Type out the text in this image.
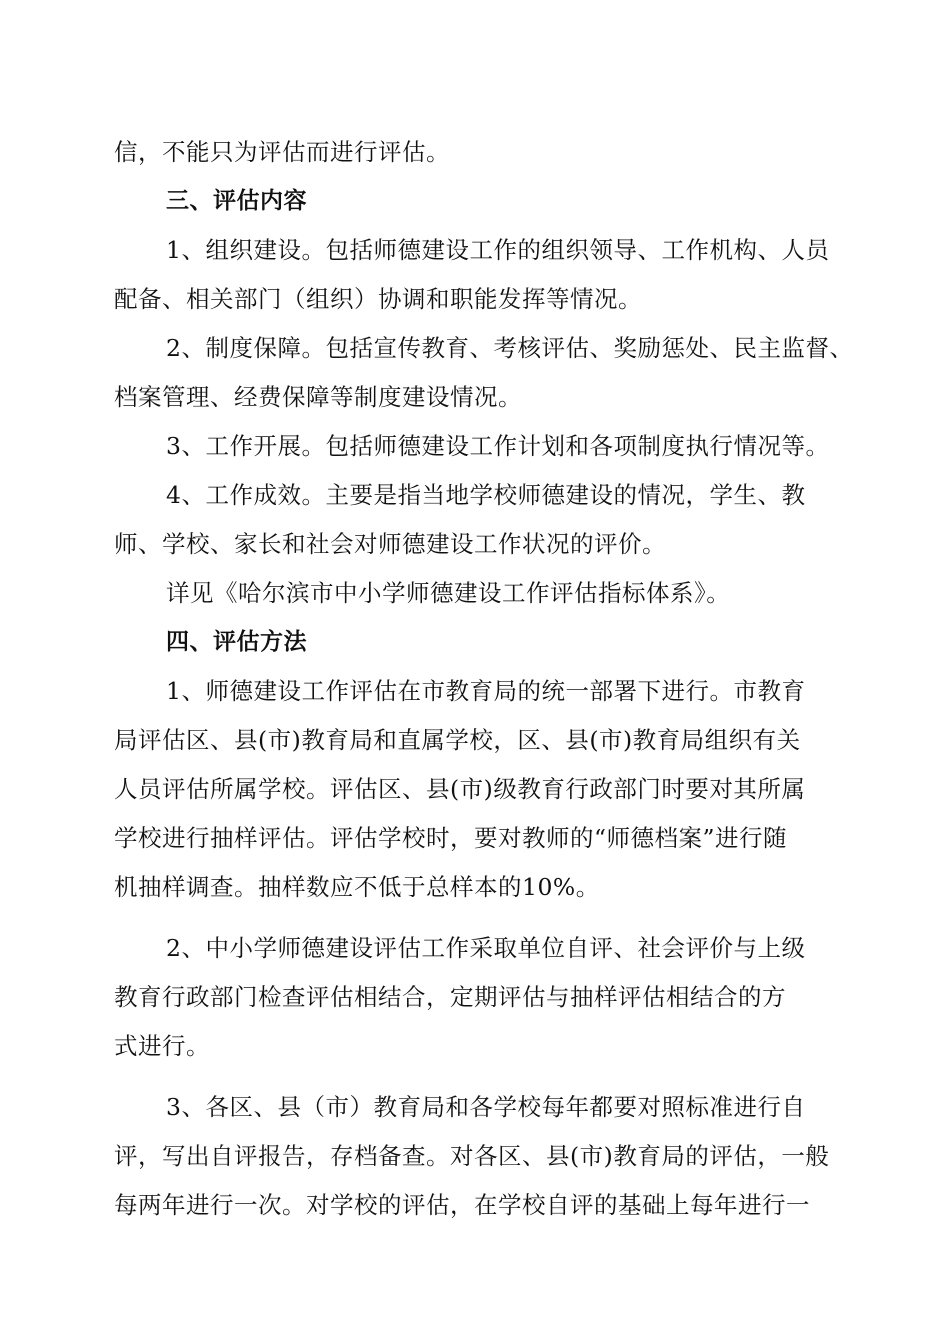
信，不能只为评估而进行评估。
三、评估内容
1、组织建设。包括师德建设工作的组织领导、工作机构、人员
配备、相关部门（组织）协调和职能发挥等情况。
2、制度保障。包括宣传教育、考核评估、奖励惩处、民主监督、
档案管理、经费保障等制度建设情况。
3、工作开展。包括师德建设工作计划和各项制度执行情况等。
4、工作成效。主要是指当地学校师德建设的情况，学生、教
师、学校、家长和社会对师德建设工作状况的评价。
详见《哈尔滨市中小学师德建设工作评估指标体系》。
四、评估方法
1、师德建设工作评估在市教育局的统一部署下进行。市教育
局评估区、县(市)教育局和直属学校，区、县(市)教育局组织有关
人员评估所属学校。评估区、县(市)级教育行政部门时要对其所属
学校进行抽样评估。评估学校时，要对教师的“师德档案”进行随
机抽样调查。抽样数应不低于总样本的10%。
2、中小学师德建设评估工作采取单位自评、社会评价与上级
教育行政部门检查评估相结合，定期评估与抽样评估相结合的方
式进行。
3、各区、县（市）教育局和各学校每年都要对照标准进行自
评，写出自评报告，存档备查。对各区、县(市)教育局的评估，一般
每两年进行一次。对学校的评估，在学校自评的基础上每年进行一
